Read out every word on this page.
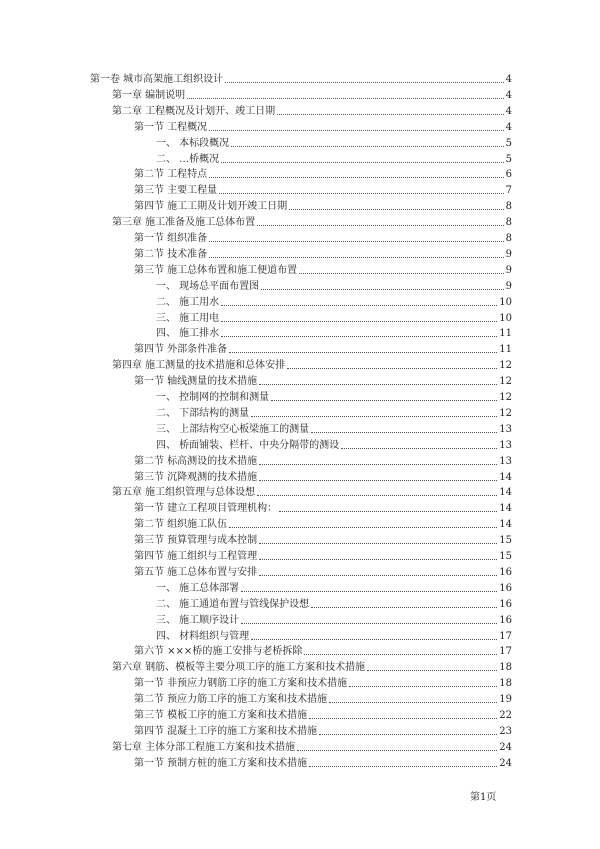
第一卷 城市高架施工组织设计	4
第一章 编制说明	4
第二章 工程概况及计划开、竣工日期	4
第一节 工程概况	4
一、 本标段概况	5
二、 …桥概况	5
第二节 工程特点	6
第三节 主要工程量	7
第四节 施工工期及计划开竣工日期	8
第三章 施工准备及施工总体布置	8
第一节 组织准备	8
第二节 技术准备	9
第三节 施工总体布置和施工便道布置	9
一、 现场总平面布置图	9
二、 施工用水	10
三、 施工用电	10
四、 施工排水	11
第四节 外部条件准备	11
第四章 施工测量的技术措施和总体安排	12
第一节 轴线测量的技术措施	12
一、 控制网的控制和测量	12
二、 下部结构的测量	12
三、 上部结构空心板梁施工的测量	13
四、 桥面铺装、栏杆、中央分隔带的测设	13
第二节 标高测设的技术措施	13
第三节 沉降观测的技术措施	14
第五章 施工组织管理与总体设想	14
第一节 建立工程项目管理机构：	14
第二节 组织施工队伍	14
第三节 预算管理与成本控制	15
第四节 施工组织与工程管理	15
第五节 施工总体布置与安排	16
一、 施工总体部署	16
二、 施工通道布置与管线保护设想	16
三、 施工顺序设计	16
四、 材料组织与管理	17
第六节 ×××桥的施工安排与老桥拆除	17
第六章 钢筋、模板等主要分项工序的施工方案和技术措施	18
第一节 非预应力钢筋工序的施工方案和技术措施	18
第二节 预应力筋工序的施工方案和技术措施	19
第三节 模板工序的施工方案和技术措施	22
第四节 混凝土工序的施工方案和技术措施	23
第七章 主体分部工程施工方案和技术措施	24
第一节 预制方桩的施工方案和技术措施	24
第1页
